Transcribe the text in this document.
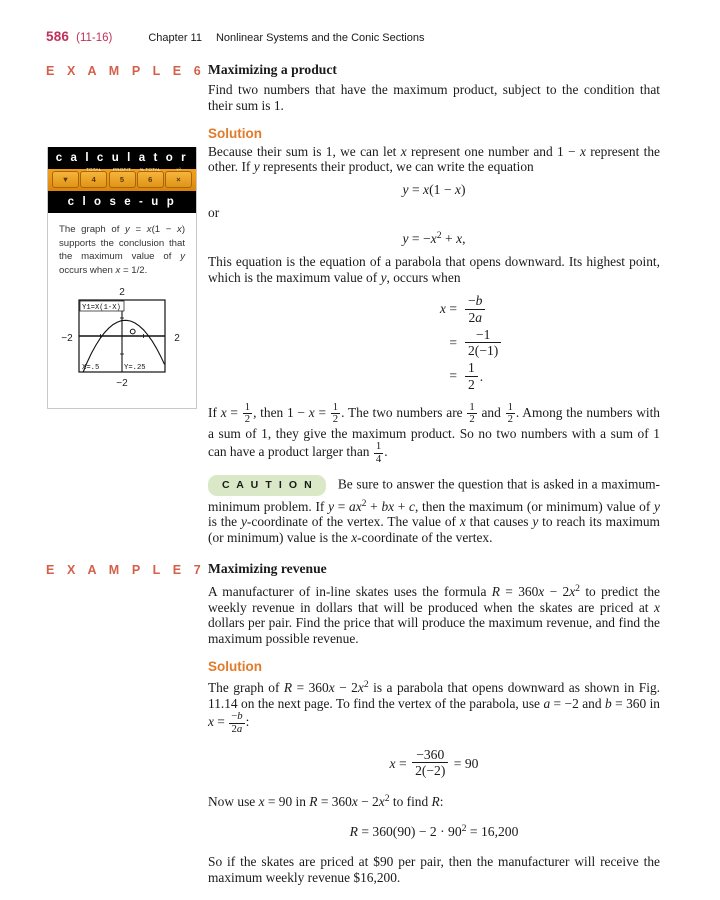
586 (11-16)	Chapter 11 Nonlinear Systems and the Conic Sections
E X A M P L E 6 Maximizing a product

Find two numbers that have the maximum product, subject to the condition that their sum is 1.

Solution

Because their sum is 1, we can let x represent one number and 1 − x represent the other. If y represents their product, we can write the equation

y = x(1 − x)

or

$y = -x^2 + x$,

This equation is the equation of a parabola that opens downward. Its highest point, which is the maximum value of y, occurs when

$x = \frac{-b}{2a}$
= $\frac{-1}{2(-1)}$
= $\frac{1}{2}$ .

If $x = \frac{1}{2}$ , then $1 - x = \frac{1}{2}$ . The two numbers are $\frac{1}{2}$ and $\frac{1}{2}$ . Among the numbers with a sum of 1, they give the maximum product. So no two numbers with a sum of 1 can have a product larger than $\frac{1}{4}$ .

C A U T I O N Be sure to answer the question that is asked in a maximum-minimum problem. If $y = ax^2$ + bx + c, then the maximum (or minimum) value of y is the y-coordinate of the vertex. The value of x that causes y to reach its maximum (or minimum) value is the x-coordinate of the vertex.
E X A M P L E 7 Maximizing revenue

A manufacturer of in-line skates uses the formula $R = 360x - 2x^2$ to predict the weekly revenue in dollars that will be produced when the skates are priced at x dollars per pair. Find the price that will produce the maximum revenue, and find the maximum possible revenue.

Solution

The graph of $R = 360x - 2x^2$ is a parabola that opens downward as shown in Fig. 11.14 on the next page. To find the vertex of the parabola, use a = −2 and b = 360 in $x = \frac{-b}{2a}$ :

$x = \frac{-360}{2(-2)} = 90$

Now use x = 90 in $R = 360x - 2x^2$ to find R:

$R = 360(90) - 2 \cdot 90^2 = 16,200$

So if the skates are priced at $90 per pair, then the manufacturer will receive the maximum weekly revenue $16,200.

c a l c u l a t o r
▼
TOTAL
4
PROFIT
5
% TOTAL
6
×²
×
c l o s e - u p
The graph of y = x(1 − x) supports the conclusion that the maximum value of y occurs when x = 1/2.
2
−2
−2	2
Y1=X(1-X)
X=.5	Y=.25
